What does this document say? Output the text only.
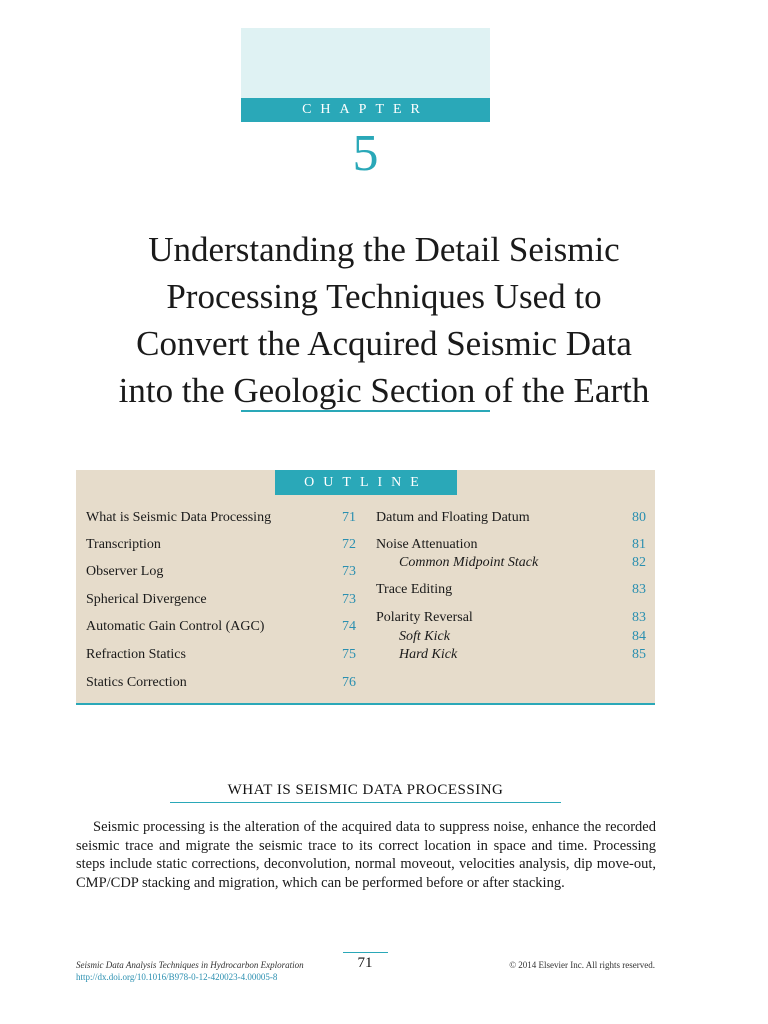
CHAPTER
5
Understanding the Detail Seismic
Processing Techniques Used to
Convert the Acquired Seismic Data
into the Geologic Section of the Earth
OUTLINE
What is Seismic Data Processing	71
Transcription	72
Observer Log	73
Spherical Divergence	73
Automatic Gain Control (AGC)	74
Refraction Statics	75
Statics Correction	76
Datum and Floating Datum	80
Noise Attenuation	81
Common Midpoint Stack	82
Trace Editing	83
Polarity Reversal	83
Soft Kick	84
Hard Kick	85
WHAT IS SEISMIC DATA PROCESSING
Seismic processing is the alteration of the acquired data to suppress noise, enhance the recorded seismic trace and migrate the seismic trace to its correct location in space and time. Processing steps include static corrections, deconvolution, normal moveout, velocities analysis, dip move-out, CMP/CDP stacking and migration, which can be performed before or after stacking.
Seismic Data Analysis Techniques in Hydrocarbon Exploration
http://dx.doi.org/10.1016/B978-0-12-420023-4.00005-8
71	© 2014 Elsevier Inc. All rights reserved.
